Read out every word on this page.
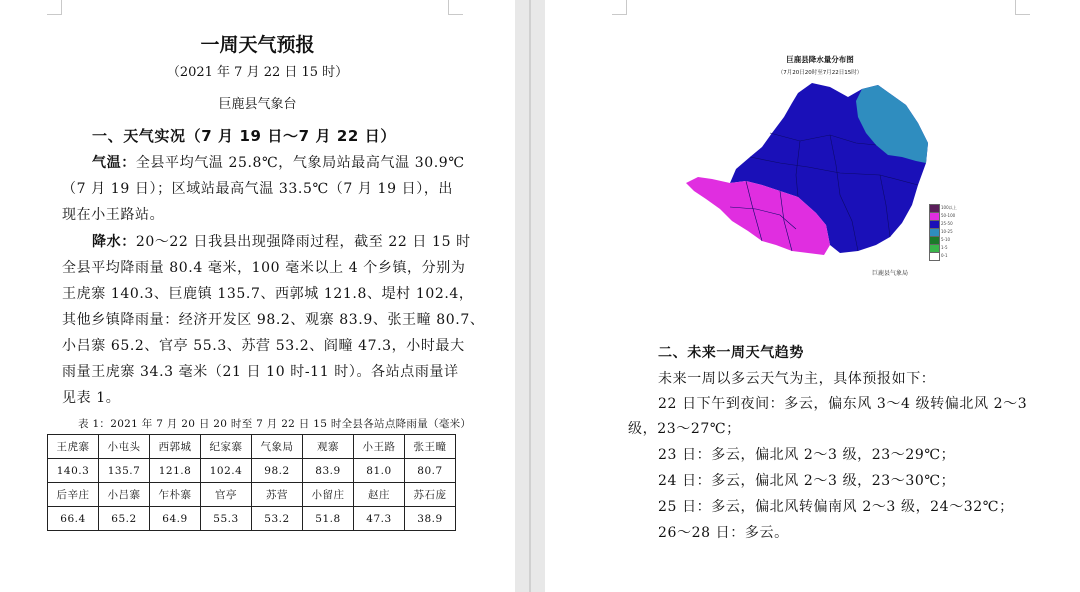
一周天气预报
（2021 年 7 月 22 日 15 时）
巨鹿县气象台
一、天气实况（7 月 19 日～7 月 22 日）
气温：全县平均气温 25.8℃，气象局站最高气温 30.9℃
（7 月 19 日）；区域站最高气温 33.5℃（7 月 19 日），出
现在小王路站。
降水：20～22 日我县出现强降雨过程，截至 22 日 15 时
全县平均降雨量 80.4 毫米，100 毫米以上 4 个乡镇，分别为
王虎寨 140.3、巨鹿镇 135.7、西郭城 121.8、堤村 102.4，
其他乡镇降雨量：经济开发区 98.2、观寨 83.9、张王疃 80.7、
小吕寨 65.2、官亭 55.3、苏营 53.2、阎疃 47.3，小时最大
雨量王虎寨 34.3 毫米（21 日 10 时-11 时）。各站点雨量详
见表 1。
表 1：2021 年 7 月 20 日 20 时至 7 月 22 日 15 时全县各站点降雨量（毫米）
王虎寨	小屯头	西郭城	纪家寨	气象局	观寨	小王路	张王疃
140.3	135.7	121.8	102.4	98.2	83.9	81.0	80.7
后辛庄	小吕寨	乍朴寨	官亭	苏营	小留庄	赵庄	苏石庞
66.4	65.2	64.9	55.3	53.2	51.8	47.3	38.9
巨鹿县降水量分布图
（7月20日20时至7月22日15时）
100以上
50-100
25-50
10-25
5-10
1-5
0-1
巨鹿县气象局
二、未来一周天气趋势
未来一周以多云天气为主，具体预报如下：
22 日下午到夜间：多云，偏东风 3～4 级转偏北风 2～3
级，23～27℃；
23 日：多云，偏北风 2～3 级，23～29℃；
24 日：多云，偏北风 2～3 级，23～30℃；
25 日：多云，偏北风转偏南风 2～3 级，24～32℃；
26～28 日：多云。
